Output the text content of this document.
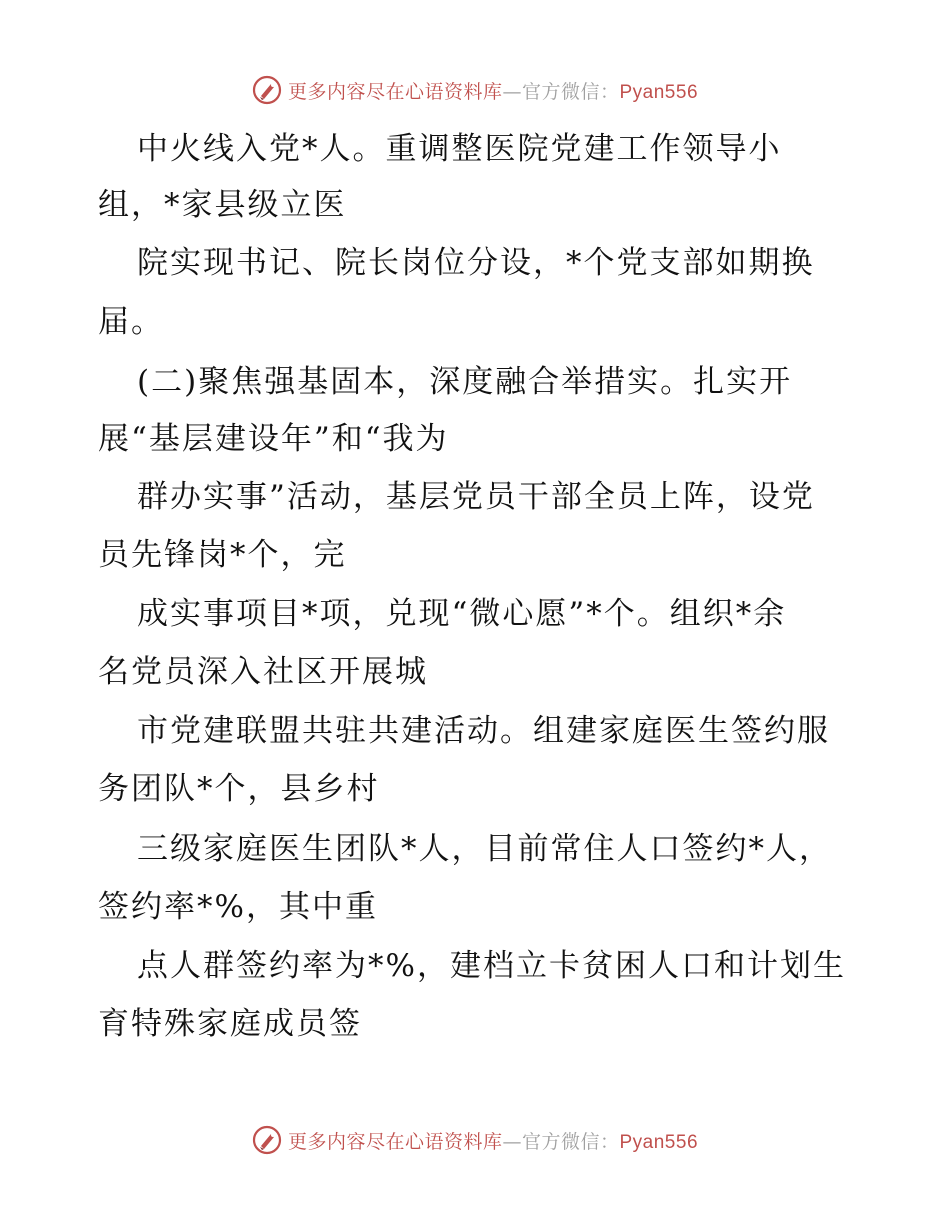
更多内容尽在心语资料库—官方微信：Pyan556
中火线入党*人。重调整医院党建工作领导小
组，*家县级立医
院实现书记、院长岗位分设，*个党支部如期换
届。
(二)聚焦强基固本，深度融合举措实。扎实开
展“基层建设年”和“我为
群办实事”活动，基层党员干部全员上阵，设党
员先锋岗*个，完
成实事项目*项，兑现“微心愿”*个。组织*余
名党员深入社区开展城
市党建联盟共驻共建活动。组建家庭医生签约服
务团队*个，县乡村
三级家庭医生团队*人，目前常住人口签约*人，
签约率*%，其中重
点人群签约率为*%，建档立卡贫困人口和计划生
育特殊家庭成员签
更多内容尽在心语资料库—官方微信：Pyan556
